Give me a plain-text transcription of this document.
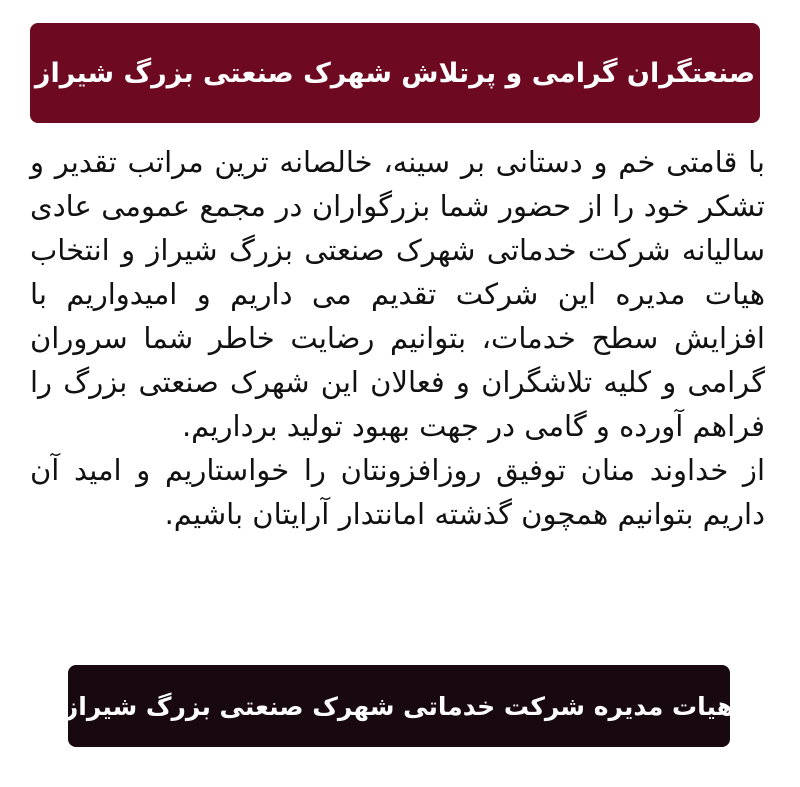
صنعتگران گرامی و پرتلاش شهرک صنعتی بزرگ شیراز

با قامتی خم و دستانی بر سینه، خالصانه ترین مراتب تقدیر و تشکر خود را از حضور شما بزرگواران در مجمع عمومی عادی سالیانه شرکت خدماتی شهرک صنعتی بزرگ شیراز و انتخاب هیات مدیره این شرکت تقدیم می داریم و امیدواریم با افزایش سطح خدمات، بتوانیم رضایت خاطر شما سروران گرامی و کلیه تلاشگران و فعالان این شهرک صنعتی بزرگ را فراهم آورده و گامی در جهت بهبود تولید برداریم.

از خداوند منان توفیق روزافزونتان را خواستاریم و امید آن داریم بتوانیم همچون گذشته امانتدار آرایتان باشیم.

هیات مدیره شرکت خدماتی شهرک صنعتی بزرگ شیراز
